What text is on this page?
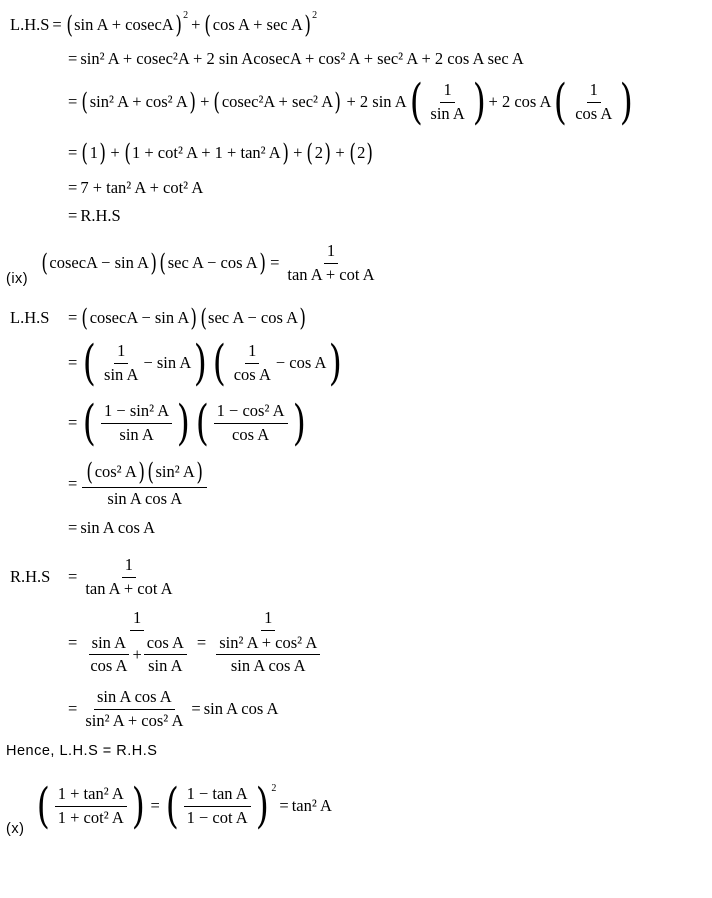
L.H.S = ( sin A + cosecA ) 2 + ( cos A + sec A ) 2
= sin² A + cosec²A + 2 sin AcosecA + cos² A + sec² A + 2 cos A sec A
= ( sin² A + cos² A ) + ( cosec²A + sec² A ) + 2 sin A ( $\frac{1}{\text{sin A}}$ ) + 2 cos A ( $\frac{1}{\text{cos A}}$ )
= ( 1 ) + ( 1 + cot² A + 1 + tan² A ) + ( 2 ) + ( 2 )
= 7 + tan² A + cot² A
= R.H.S
(ix)
( cosecA − sin A ) ( sec A − cos A ) = $\frac{1}{\text{tan A + cot A}}$
L.H.S	= ( cosecA − sin A ) ( sec A − cos A )
= ( $\frac{1}{\text{sin A}} - \sin A$ ) ( $\frac{1}{\text{cos A}} - \cos A$ )
= ( $\frac{\text{1 − sin² A}}{\text{sin A}}$ ) ( $\frac{\text{1 − cos² A}}{\text{cos A}}$ )
= $\frac{\text{( cos² A ) ( sin² A )}}{\text{sin A cos A}}$
= sin A cos A
R.H.S	= $\frac{1}{\text{tan A + cot A}}$
= $\frac{1}{\frac{\text{sin A}}{\text{cos A}} + \frac{\text{cos A}}{\text{sin A}}} = \frac{1}{\frac{\text{sin² A + cos² A}}{\text{sin A cos A}}}$
= $\frac{\text{sin A cos A}}{\text{sin² A + cos² A}} = \sin A$ cos A
Hence, L.H.S = R.H.S
(x) ( $\frac{\text{1 + tan² A}}{\text{1 + cot² A}}$ ) = ( $\frac{\text{1 − tan A}}{\text{1 − cot A}}$ ) 2
= tan² A
